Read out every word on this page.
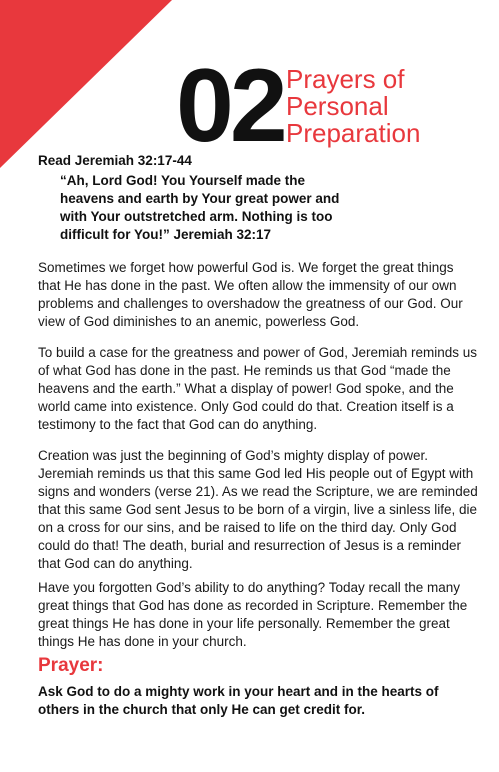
02 Prayers of
Personal
Preparation
Read Jeremiah 32:17-44
“Ah, Lord God! You Yourself made the heavens and earth by Your great power and with Your outstretched arm. Nothing is too difficult for You!” Jeremiah 32:17
Sometimes we forget how powerful God is. We forget the great things that He has done in the past. We often allow the immensity of our own problems and challenges to overshadow the greatness of our God. Our view of God diminishes to an anemic, powerless God.
To build a case for the greatness and power of God, Jeremiah reminds us of what God has done in the past. He reminds us that God “made the heavens and the earth.” What a display of power! God spoke, and the world came into existence. Only God could do that. Creation itself is a testimony to the fact that God can do anything.
Creation was just the beginning of God’s mighty display of power. Jeremiah reminds us that this same God led His people out of Egypt with signs and wonders (verse 21). As we read the Scripture, we are reminded that this same God sent Jesus to be born of a virgin, live a sinless life, die on a cross for our sins, and be raised to life on the third day. Only God could do that! The death, burial and resurrection of Jesus is a reminder that God can do anything.
Have you forgotten God’s ability to do anything? Today recall the many great things that God has done as recorded in Scripture. Remember the great things He has done in your life personally. Remember the great things He has done in your church.
Prayer:
Ask God to do a mighty work in your heart and in the hearts of others in the church that only He can get credit for.
